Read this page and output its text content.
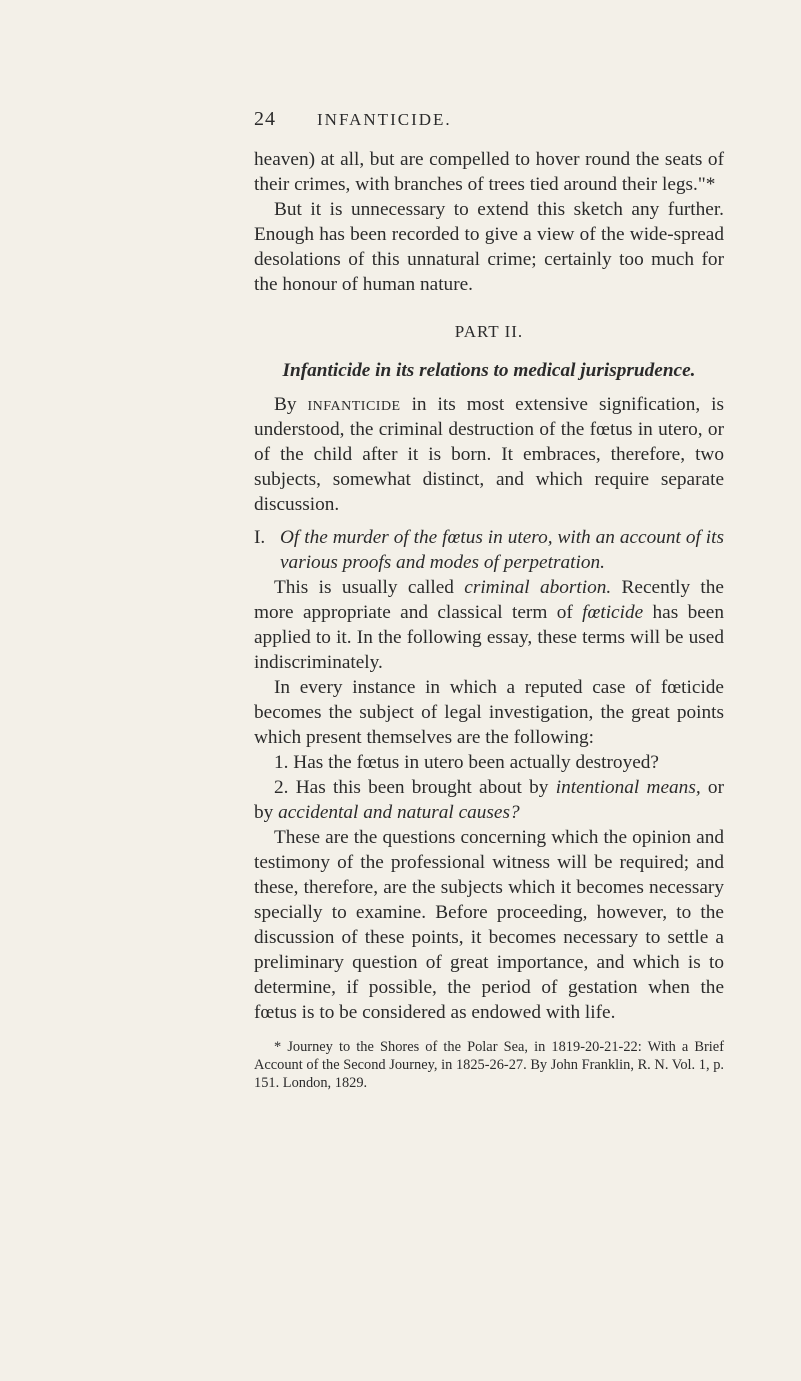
24 INFANTICIDE.

heaven) at all, but are compelled to hover round the seats of their crimes, with branches of trees tied around their legs."*

But it is unnecessary to extend this sketch any further. Enough has been recorded to give a view of the wide-spread desolations of this unnatural crime; certainly too much for the honour of human nature.

PART II.

Infanticide in its relations to medical jurisprudence.

By infanticide in its most extensive signification, is understood, the criminal destruction of the fœtus in utero, or of the child after it is born. It embraces, therefore, two subjects, somewhat distinct, and which require separate discussion.

I. Of the murder of the fœtus in utero, with an account of its various proofs and modes of perpetration.

This is usually called criminal abortion. Recently the more appropriate and classical term of fœticide has been applied to it. In the following essay, these terms will be used indiscriminately.

In every instance in which a reputed case of fœticide becomes the subject of legal investigation, the great points which present themselves are the following:

1. Has the fœtus in utero been actually destroyed?

2. Has this been brought about by intentional means, or by accidental and natural causes?

These are the questions concerning which the opinion and testimony of the professional witness will be required; and these, therefore, are the subjects which it becomes necessary specially to examine. Before proceeding, however, to the discussion of these points, it becomes necessary to settle a preliminary question of great importance, and which is to determine, if possible, the period of gestation when the fœtus is to be considered as endowed with life.

* Journey to the Shores of the Polar Sea, in 1819-20-21-22: With a Brief Account of the Second Journey, in 1825-26-27. By John Franklin, R. N. Vol. 1, p. 151. London, 1829.
